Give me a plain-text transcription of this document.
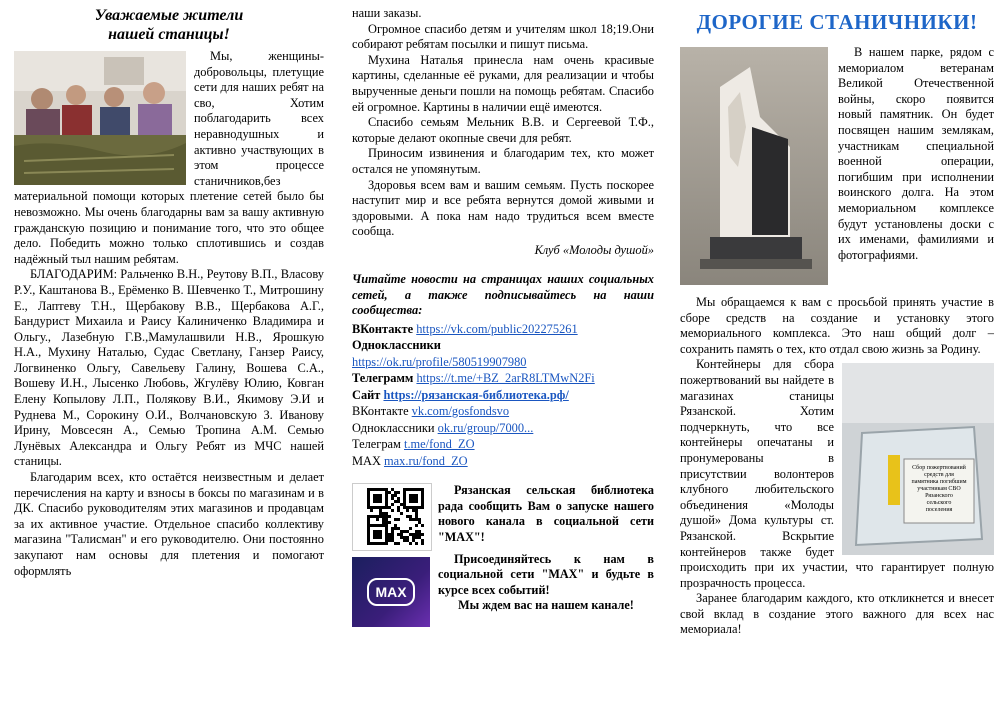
Уважаемые жители
нашей станицы!

Мы, женщины-добровольцы, плетущие сети для наших ребят на сво, Хотим поблагодарить всех неравнодушных и активно участвующих в этом процессе станичников,без материальной помощи которых плетение сетей было бы невозможно. Мы очень благодарны вам за вашу активную гражданскую позицию и понимание того, что это общее дело. Победить можно только сплотившись и создав надёжный тыл нашим ребятам.

БЛАГОДАРИМ: Ральченко В.Н., Реутову В.П., Власову Р.У., Каштанова В., Ерёменко В. Шевченко Т., Митрошину Е., Лаптеву Т.Н., Щербакову В.В., Щербакова А.Г., Бандурист Михаила и Раису Калиниченко Владимира и Ольгу., Лазебную Г.В.,Мамулашвили Н.В., Ярошкую Н.А., Мухину Наталью, Судас Светлану, Ганзер Раису, Логвиненко Ольгу, Савельеву Галину, Вошева С.А., Вошеву И.Н., Лысенко Любовь, Жгулёву Юлию, Ковган Елену Копылову Л.П., Полякову В.И., Якимову Э.И и Руднева М., Сорокину О.И., Волчановскую З. Иванову Ирину, Мовсесян А., Семью Тропина А.М. Семью Лунёвых Александра и Ольгу Ребят из МЧС нашей станицы.

Благодарим всех, кто остаётся неизвестным и делает перечисления на карту и взносы в боксы по магазинам и в ДК. Спасибо руководителям этих магазинов и продавцам за их активное участие. Отдельное спасибо коллективу магазина "Талисман" и его руководителю. Они постоянно закупают нам основы для плетения и помогают оформлять

наши заказы.

Огромное спасибо детям и учителям школ 18;19.Они собирают ребятам посылки и пишут письма.

Мухина Наталья принесла нам очень красивые картины, сделанные её руками, для реализации и чтобы вырученные деньги пошли на помощь ребятам. Спасибо ей огромное. Картины в наличии ещё имеются.

Спасибо семьям Мельник В.В. и Сергеевой Т.Ф., которые делают окопные свечи для ребят.

Приносим извинения и благодарим тех, кто может остался не упомянутым.

Здоровья всем вам и вашим семьям. Пусть поскорее наступит мир и все ребята вернутся домой живыми и здоровыми. А пока нам надо трудиться всем вместе сообща.

Клуб «Молоды душой»

Читайте новости на страницах наших социальных сетей, а также подписывайтесь на наши сообщества:

ВКонтакте https://vk.com/public202275261

Одноклассники

https://ok.ru/profile/580519907980

Телеграмм https://t.me/+BZ_2arR8LTMwN2Fi

Сайт https://рязанская-библиотека.рф/

ВКонтакте vk.com/gosfondsvo

Одноклассники ok.ru/group/7000...

Телеграм t.me/fond_ZO

MAX max.ru/fond_ZO

MAX

Рязанская сельская библиотека рада сообщить Вам о запуске нашего нового канала в социальной сети "MAX"!

Присоединяйтесь к нам в социальной сети "MAX" и будьте в курсе всех событий!

Мы ждем вас на нашем канале!

ДОРОГИЕ СТАНИЧНИКИ!

В нашем парке, рядом с мемориалом ветеранам Великой Отечественной войны, скоро появится новый памятник. Он будет посвящен нашим землякам, участникам специальной военной операции, погибшим при исполнении воинского долга. На этом мемориальном комплексе будут установлены доски с их именами, фамилиями и фотографиями.

Мы обращаемся к вам с просьбой принять участие в сборе средств на создание и установку этого мемориального комплекса. Это наш общий долг – сохранить память о тех, кто отдал свою жизнь за Родину.

Сбор пожертвований средств для памятника погибшим участникам СВО Рязанского сельского поселения

Контейнеры для сбора пожертвований вы найдете в магазинах станицы Рязанской. Хотим подчеркнуть, что все контейнеры опечатаны и пронумерованы в присутствии волонтеров клубного любительского объединения «Молоды душой» Дома культуры ст. Рязанской. Вскрытие контейнеров также будет происходить при их участии, что гарантирует полную прозрачность процесса.

Заранее благодарим каждого, кто откликнется и внесет свой вклад в создание этого важного для всех нас мемориала!
